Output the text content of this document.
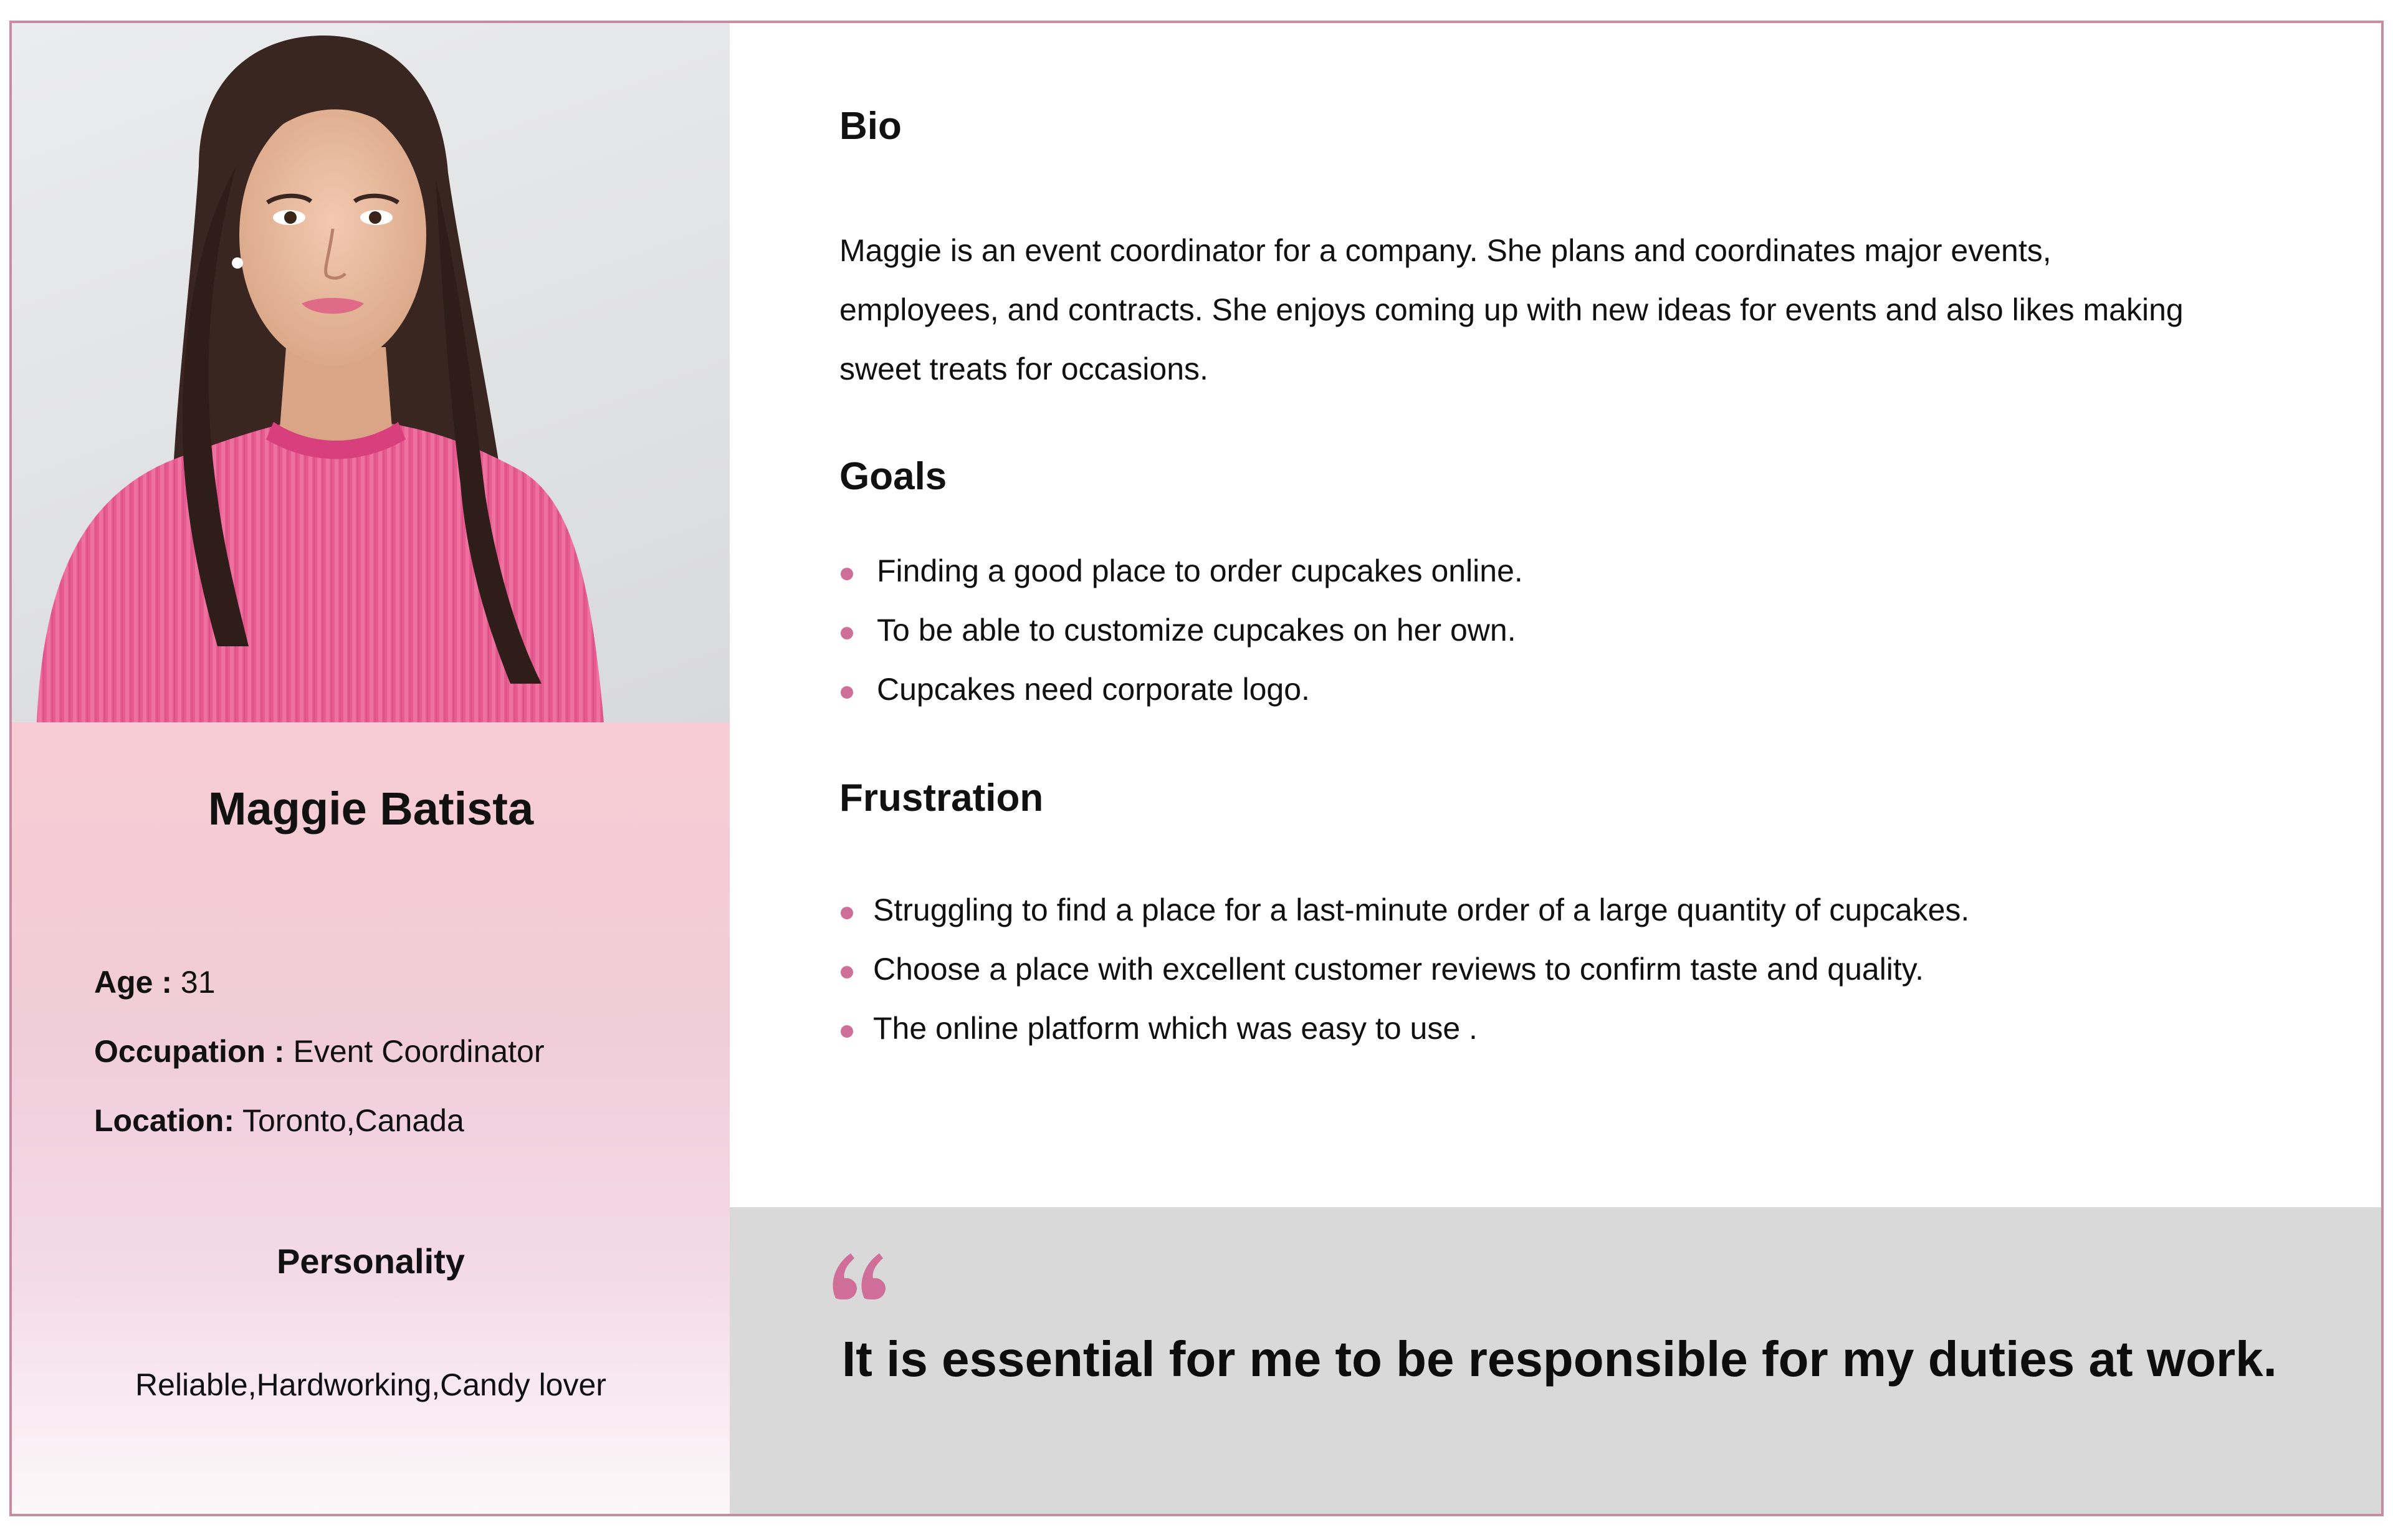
Maggie Batista
Age : 31
Occupation : Event Coordinator
Location: Toronto,Canada
Personality
Reliable,Hardworking,Candy lover
Bio
Maggie is an event coordinator for a company. She plans and coordinates major events,
employees, and contracts. She enjoys coming up with new ideas for events and also likes making
sweet treats for occasions.
Goals
Finding a good place to order cupcakes online.
To be able to customize cupcakes on her own.
Cupcakes need corporate logo.
Frustration
Struggling to find a place for a last-minute order of a large quantity of cupcakes.
Choose a place with excellent customer reviews to confirm taste and quality.
The online platform which was easy to use .
It is essential for me to be responsible for my duties at work.
